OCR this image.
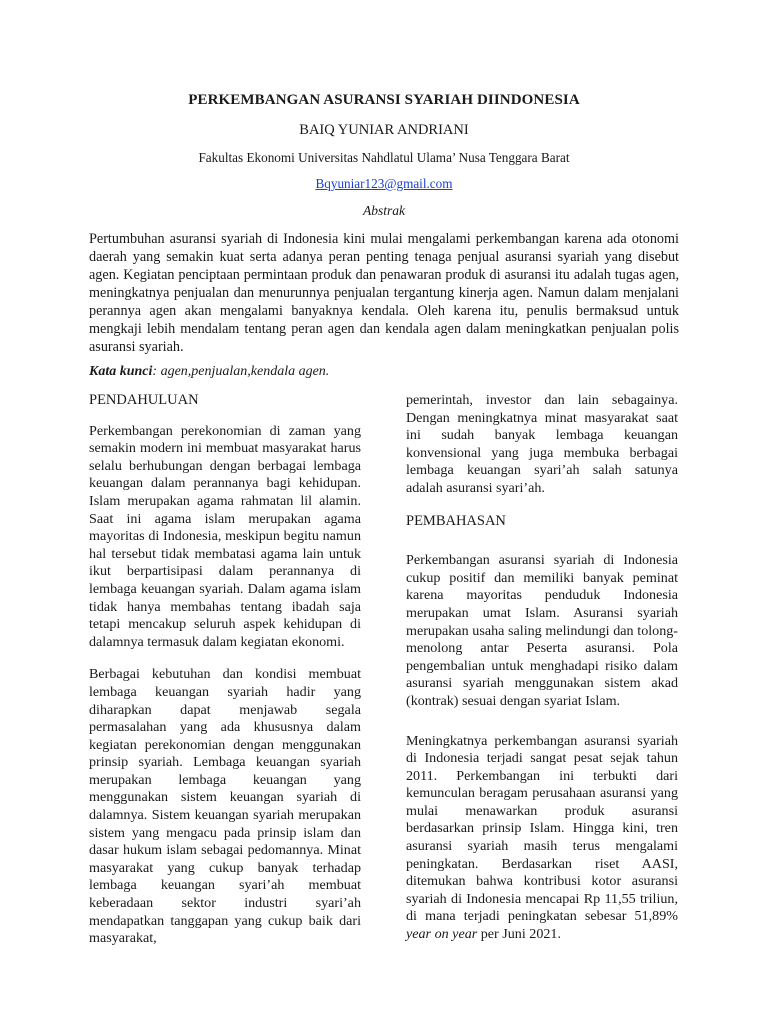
PERKEMBANGAN ASURANSI SYARIAH DIINDONESIA
BAIQ YUNIAR ANDRIANI
Fakultas Ekonomi Universitas Nahdlatul Ulama’ Nusa Tenggara Barat
Bqyuniar123@gmail.com
Abstrak

Pertumbuhan asuransi syariah di Indonesia kini mulai mengalami perkembangan karena ada otonomi daerah yang semakin kuat serta adanya peran penting tenaga penjual asuransi syariah yang disebut agen. Kegiatan penciptaan permintaan produk dan penawaran produk di asuransi itu adalah tugas agen, meningkatnya penjualan dan menurunnya penjualan tergantung kinerja agen. Namun dalam menjalani perannya agen akan mengalami banyaknya kendala. Oleh karena itu, penulis bermaksud untuk mengkaji lebih mendalam tentang peran agen dan kendala agen dalam meningkatkan penjualan polis asuransi syariah.

Kata kunci: agen,penjualan,kendala agen.
PENDAHULUAN

Perkembangan perekonomian di zaman yang semakin modern ini membuat masyarakat harus selalu berhubungan dengan berbagai lembaga keuangan dalam perannanya bagi kehidupan. Islam merupakan agama rahmatan lil alamin. Saat ini agama islam merupakan agama mayoritas di Indonesia, meskipun begitu namun hal tersebut tidak membatasi agama lain untuk ikut berpartisipasi dalam perannanya di lembaga keuangan syariah. Dalam agama islam tidak hanya membahas tentang ibadah saja tetapi mencakup seluruh aspek kehidupan di dalamnya termasuk dalam kegiatan ekonomi.

Berbagai kebutuhan dan kondisi membuat lembaga keuangan syariah hadir yang diharapkan dapat menjawab segala permasalahan yang ada khususnya dalam kegiatan perekonomian dengan menggunakan prinsip syariah. Lembaga keuangan syariah merupakan lembaga keuangan yang menggunakan sistem keuangan syariah di dalamnya. Sistem keuangan syariah merupakan sistem yang mengacu pada prinsip islam dan dasar hukum islam sebagai pedomannya. Minat masyarakat yang cukup banyak terhadap lembaga keuangan syari’ah membuat keberadaan sektor industri syari’ah mendapatkan tanggapan yang cukup baik dari masyarakat,

pemerintah, investor dan lain sebagainya. Dengan meningkatnya minat masyarakat saat ini sudah banyak lembaga keuangan konvensional yang juga membuka berbagai lembaga keuangan syari’ah salah satunya adalah asuransi syari’ah.

PEMBAHASAN

Perkembangan asuransi syariah di Indonesia cukup positif dan memiliki banyak peminat karena mayoritas penduduk Indonesia merupakan umat Islam. Asuransi syariah merupakan usaha saling melindungi dan tolong-menolong antar Peserta asuransi. Pola pengembalian untuk menghadapi risiko dalam asuransi syariah menggunakan sistem akad (kontrak) sesuai dengan syariat Islam.

Meningkatnya perkembangan asuransi syariah di Indonesia terjadi sangat pesat sejak tahun 2011. Perkembangan ini terbukti dari kemunculan beragam perusahaan asuransi yang mulai menawarkan produk asuransi berdasarkan prinsip Islam. Hingga kini, tren asuransi syariah masih terus mengalami peningkatan. Berdasarkan riset AASI, ditemukan bahwa kontribusi kotor asuransi syariah di Indonesia mencapai Rp 11,55 triliun, di mana terjadi peningkatan sebesar 51,89% year on year per Juni 2021.
